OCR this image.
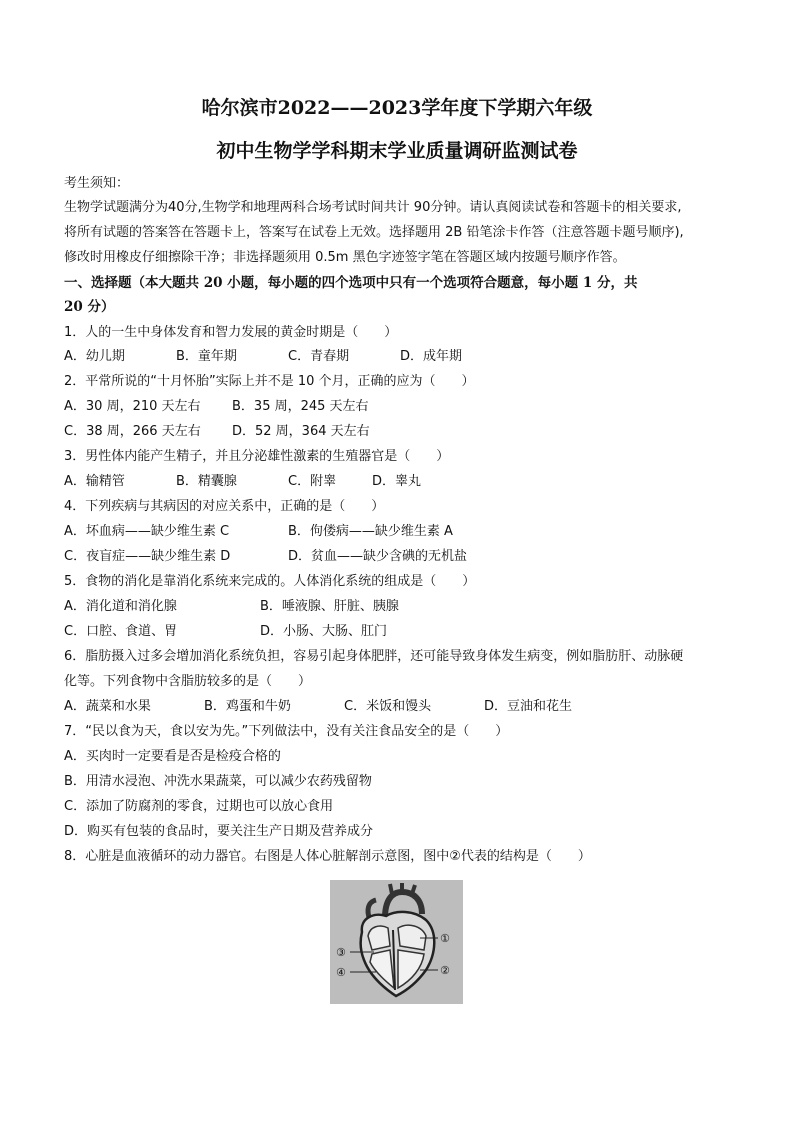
哈尔滨市2022——2023学年度下学期六年级
初中生物学学科期末学业质量调研监测试卷
考生须知：
生物学试题满分为40分,生物学和地理两科合场考试时间共计 90分钟。请认真阅读试卷和答题卡的相关要求,
将所有试题的答案答在答题卡上，答案写在试卷上无效。选择题用 2B 铅笔涂卡作答（注意答题卡题号顺序),
修改时用橡皮仔细擦除干净；非选择题须用 0.5m 黑色字迹签字笔在答题区域内按题号顺序作答。
一、选择题（本大题共 20 小题，每小题的四个选项中只有一个选项符合题意，每小题 1 分，共
20 分）
1．人的一生中身体发育和智力发展的黄金时期是（　　）
A．幼儿期	B．童年期	C．青春期	D．成年期
2．平常所说的“十月怀胎”实际上并不是 10 个月，正确的应为（　　）
A．30 周，210 天左右 B．35 周，245 天左右
C．38 周，266 天左右 D．52 周，364 天左右
3．男性体内能产生精子，并且分泌雄性激素的生殖器官是（　　）
A．输精管	B．精囊腺	C．附睾	D．睾丸
4．下列疾病与其病因的对应关系中，正确的是（　　）
A．坏血病——缺少维生素 C	B．佝偻病——缺少维生素 A
C．夜盲症——缺少维生素 D	D．贫血——缺少含碘的无机盐
5．食物的消化是靠消化系统来完成的。人体消化系统的组成是（　　）
A．消化道和消化腺	B．唾液腺、肝脏、胰腺
C．口腔、食道、胃	D．小肠、大肠、肛门
6．脂肪摄入过多会增加消化系统负担，容易引起身体肥胖，还可能导致身体发生病变，例如脂肪肝、动脉硬
化等。下列食物中含脂肪较多的是（　　）
A．蔬菜和水果	B．鸡蛋和牛奶	C．米饭和馒头	D．豆油和花生
7．“民以食为天，食以安为先。”下列做法中，没有关注食品安全的是（　　）
A．买肉时一定要看是否是检疫合格的
B．用清水浸泡、冲洗水果蔬菜，可以减少农药残留物
C．添加了防腐剂的零食，过期也可以放心食用
D．购买有包装的食品时，要关注生产日期及营养成分
8．心脏是血液循环的动力器官。右图是人体心脏解剖示意图，图中②代表的结构是（　　）
①
②
③
④
